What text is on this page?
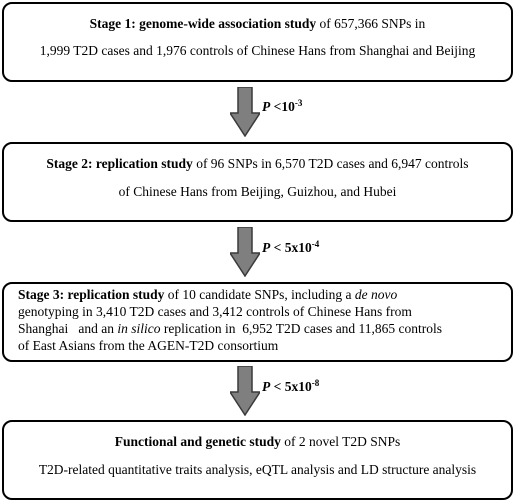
Stage 1: genome-wide association study of 657,366 SNPs in
1,999 T2D cases and 1,976 controls of Chinese Hans from Shanghai and Beijing
$P <10^{-3}$
Stage 2: replication study of 96 SNPs in 6,570 T2D cases and 6,947 controls
of Chinese Hans from Beijing, Guizhou, and Hubei
$P < 5x10^{-4}$
Stage 3: replication study of 10 candidate SNPs, including a de novo
genotyping in 3,410 T2D cases and 3,412 controls of Chinese Hans from
Shanghai   and an in silico replication in  6,952 T2D cases and 11,865 controls
of East Asians from the AGEN-T2D consortium
$P < 5x10^{-8}$
Functional and genetic study of 2 novel T2D SNPs
T2D-related quantitative traits analysis, eQTL analysis and LD structure analysis
